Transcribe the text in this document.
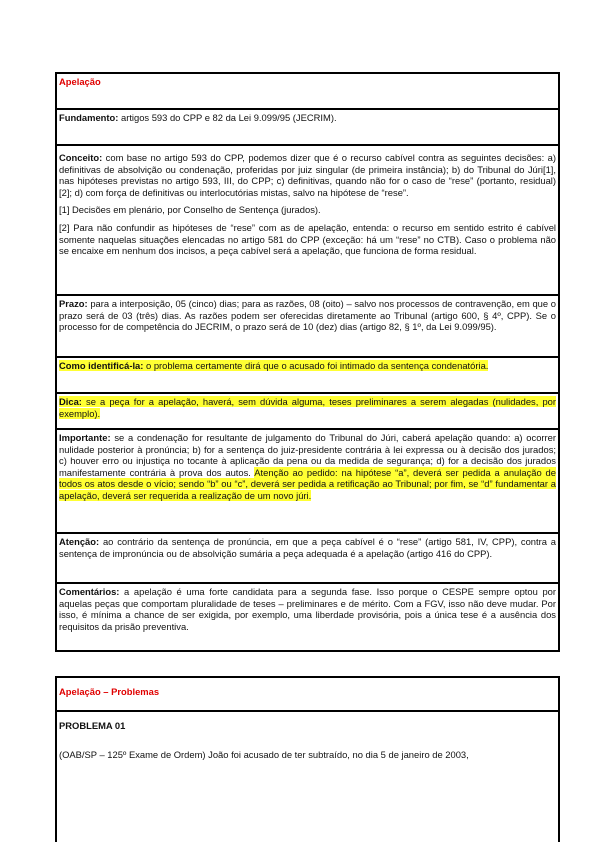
Apelação

Fundamento: artigos 593 do CPP e 82 da Lei 9.099/95 (JECRIM).

Conceito: com base no artigo 593 do CPP, podemos dizer que é o recurso cabível contra as seguintes decisões: a) definitivas de absolvição ou condenação, proferidas por juiz singular (de primeira instância); b) do Tribunal do Júri[1], nas hipóteses previstas no artigo 593, III, do CPP; c) definitivas, quando não for o caso de “rese” (portanto, residual) [2]; d) com força de definitivas ou interlocutórias mistas, salvo na hipótese de “rese”.

[1] Decisões em plenário, por Conselho de Sentença (jurados).

[2] Para não confundir as hipóteses de “rese” com as de apelação, entenda: o recurso em sentido estrito é cabível somente naquelas situações elencadas no artigo 581 do CPP (exceção: há um “rese” no CTB). Caso o problema não se encaixe em nenhum dos incisos, a peça cabível será a apelação, que funciona de forma residual.

Prazo: para a interposição, 05 (cinco) dias; para as razões, 08 (oito) – salvo nos processos de contravenção, em que o prazo será de 03 (três) dias. As razões podem ser oferecidas diretamente ao Tribunal (artigo 600, § 4º, CPP). Se o processo for de competência do JECRIM, o prazo será de 10 (dez) dias (artigo 82, § 1º, da Lei 9.099/95).

Como identificá-la: o problema certamente dirá que o acusado foi intimado da sentença condenatória.

Dica: se a peça for a apelação, haverá, sem dúvida alguma, teses preliminares a serem alegadas (nulidades, por exemplo).

Importante: se a condenação for resultante de julgamento do Tribunal do Júri, caberá apelação quando: a) ocorrer nulidade posterior à pronúncia; b) for a sentença do juiz-presidente contrária à lei expressa ou à decisão dos jurados; c) houver erro ou injustiça no tocante à aplicação da pena ou da medida de segurança; d) for a decisão dos jurados manifestamente contrária à prova dos autos. Atenção ao pedido: na hipótese “a”, deverá ser pedida a anulação de todos os atos desde o vício; sendo “b” ou “c”, deverá ser pedida a retificação ao Tribunal; por fim, se “d” fundamentar a apelação, deverá ser requerida a realização de um novo júri.

Atenção: ao contrário da sentença de pronúncia, em que a peça cabível é o “rese” (artigo 581, IV, CPP), contra a sentença de impronúncia ou de absolvição sumária a peça adequada é a apelação (artigo 416 do CPP).

Comentários: a apelação é uma forte candidata para a segunda fase. Isso porque o CESPE sempre optou por aquelas peças que comportam pluralidade de teses – preliminares e de mérito. Com a FGV, isso não deve mudar. Por isso, é mínima a chance de ser exigida, por exemplo, uma liberdade provisória, pois a única tese é a ausência dos requisitos da prisão preventiva.

Apelação – Problemas

PROBLEMA 01

(OAB/SP – 125º Exame de Ordem) João foi acusado de ter subtraído, no dia 5 de janeiro de 2003,
